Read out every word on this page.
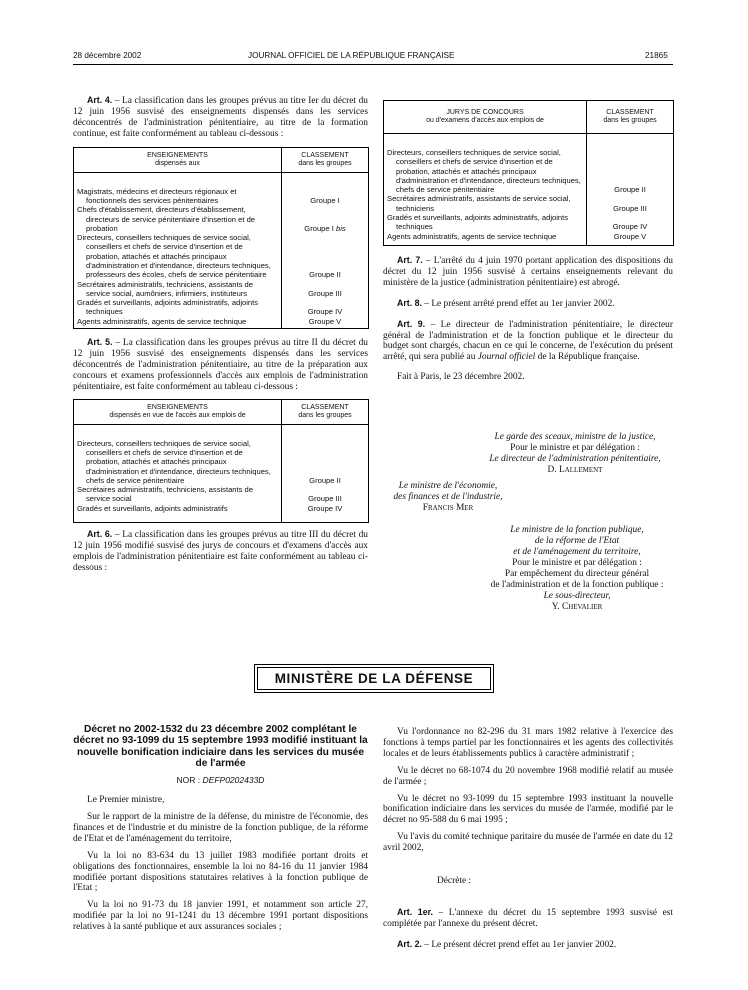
28 décembre 2002	JOURNAL OFFICIEL DE LA RÉPUBLIQUE FRANÇAISE	21865

Art. 4. – La classification dans les groupes prévus au titre Ier du décret du 12 juin 1956 susvisé des enseignements dispensés dans les services déconcentrés de l'administration pénitentiaire, au titre de la formation continue, est faite conformément au tableau ci-dessous :

ENSEIGNEMENTS
dispensés aux	CLASSEMENT
dans les groupes

Magistrats, médecins et directeurs régionaux et fonctionnels des services pénitentiaires	Groupe I

Chefs d'établissement, directeurs d'établissement, directeurs de service pénitentiaire d'insertion et de probation	Groupe I bis

Directeurs, conseillers techniques de service social, conseillers et chefs de service d'insertion et de probation, attachés et attachés principaux d'administration et d'intendance, directeurs techniques, professeurs des écoles, chefs de service pénitentiaire	Groupe II

Secrétaires administratifs, techniciens, assistants de service social, aumôniers, infirmiers, instituteurs	Groupe III

Gradés et surveillants, adjoints administratifs, adjoints techniques	Groupe IV

Agents administratifs, agents de service technique	Groupe V

Art. 5. – La classification dans les groupes prévus au titre II du décret du 12 juin 1956 susvisé des enseignements dispensés dans les services déconcentrés de l'administration pénitentiaire, au titre de la préparation aux concours et examens professionnels d'accès aux emplois de l'administration pénitentiaire, est faite conformément au tableau ci-dessous :

ENSEIGNEMENTS
dispensés en vue de l'accès aux emplois de	CLASSEMENT
dans les groupes

Directeurs, conseillers techniques de service social, conseillers et chefs de service d'insertion et de probation, attachés et attachés principaux d'administration et d'intendance, directeurs techniques, chefs de service pénitentiaire	Groupe II

Secrétaires administratifs, techniciens, assistants de service social	Groupe III

Gradés et surveillants, adjoints administratifs	Groupe IV

Art. 6. – La classification dans les groupes prévus au titre III du décret du 12 juin 1956 modifié susvisé des jurys de concours et d'examens d'accès aux emplois de l'administration pénitentiaire est faite conformément au tableau ci-dessous :

JURYS DE CONCOURS
ou d'examens d'accès aux emplois de	CLASSEMENT
dans les groupes

Directeurs, conseillers techniques de service social, conseillers et chefs de service d'insertion et de probation, attachés et attachés principaux d'administration et d'intendance, directeurs techniques, chefs de service pénitentiaire	Groupe II

Secrétaires administratifs, assistants de service social, techniciens	Groupe III

Gradés et surveillants, adjoints administratifs, adjoints techniques	Groupe IV

Agents administratifs, agents de service technique	Groupe V

Art. 7. – L'arrêté du 4 juin 1970 portant application des dispositions du décret du 12 juin 1956 susvisé à certains enseignements relevant du ministère de la justice (administration pénitentiaire) est abrogé.

Art. 8. – Le présent arrêté prend effet au 1er janvier 2002.

Art. 9. – Le directeur de l'administration pénitentiaire, le directeur général de l'administration et de la fonction publique et le directeur du budget sont chargés, chacun en ce qui le concerne, de l'exécution du présent arrêté, qui sera publié au Journal officiel de la République française.

Fait à Paris, le 23 décembre 2002.

Le garde des sceaux, ministre de la justice,
Pour le ministre et par délégation :
Le directeur de l'administration pénitentiaire,
D. Lallement
Le ministre de l'économie,
des finances et de l'industrie,
Francis Mer
Le ministre de la fonction publique,
de la réforme de l'Etat
et de l'aménagement du territoire,
Pour le ministre et par délégation :
Par empêchement du directeur général
de l'administration et de la fonction publique :
Le sous-directeur,
Y. Chevalier
MINISTÈRE DE LA DÉFENSE

Décret no 2002-1532 du 23 décembre 2002 complétant le décret no 93-1099 du 15 septembre 1993 modifié instituant la nouvelle bonification indiciaire dans les services du musée de l'armée

NOR : DEFP0202433D

Le Premier ministre,

Sur le rapport de la ministre de la défense, du ministre de l'économie, des finances et de l'industrie et du ministre de la fonction publique, de la réforme de l'Etat et de l'aménagement du territoire,

Vu la loi no 83-634 du 13 juillet 1983 modifiée portant droits et obligations des fonctionnaires, ensemble la loi no 84-16 du 11 janvier 1984 modifiée portant dispositions statutaires relatives à la fonction publique de l'Etat ;

Vu la loi no 91-73 du 18 janvier 1991, et notamment son article 27, modifiée par la loi no 91-1241 du 13 décembre 1991 portant dispositions relatives à la santé publique et aux assurances sociales ;

Vu l'ordonnance no 82-296 du 31 mars 1982 relative à l'exercice des fonctions à temps partiel par les fonctionnaires et les agents des collectivités locales et de leurs établissements publics à caractère administratif ;

Vu le décret no 68-1074 du 20 novembre 1968 modifié relatif au musée de l'armée ;

Vu le décret no 93-1099 du 15 septembre 1993 instituant la nouvelle bonification indiciaire dans les services du musée de l'armée, modifié par le décret no 95-588 du 6 mai 1995 ;

Vu l'avis du comité technique paritaire du musée de l'armée en date du 12 avril 2002,

Décrète :

Art. 1er. – L'annexe du décret du 15 septembre 1993 susvisé est complétée par l'annexe du présent décret.

Art. 2. – Le présent décret prend effet au 1er janvier 2002.
